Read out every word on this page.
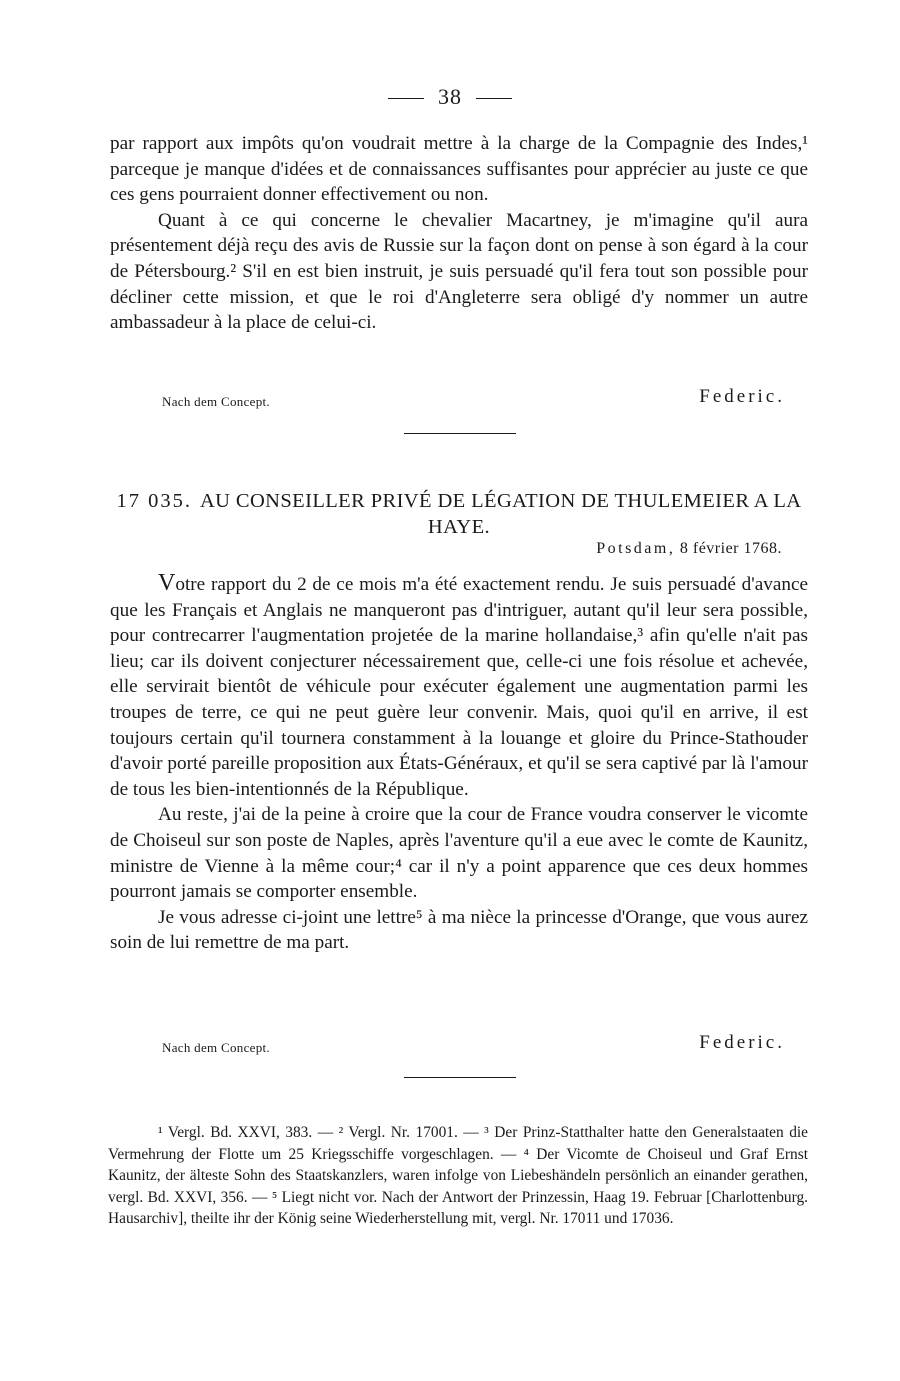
38

par rapport aux impôts qu'on voudrait mettre à la charge de la Compagnie des Indes,¹ parceque je manque d'idées et de connaissances suffisantes pour apprécier au juste ce que ces gens pourraient donner effectivement ou non.

Quant à ce qui concerne le chevalier Macartney, je m'imagine qu'il aura présentement déjà reçu des avis de Russie sur la façon dont on pense à son égard à la cour de Pétersbourg.² S'il en est bien instruit, je suis persuadé qu'il fera tout son possible pour décliner cette mission, et que le roi d'Angleterre sera obligé d'y nommer un autre ambassadeur à la place de celui-ci.

Nach dem Concept.	Federic.
17 035. AU CONSEILLER PRIVÉ DE LÉGATION DE THULEMEIER A LA HAYE.
Potsdam, 8 février 1768.

Votre rapport du 2 de ce mois m'a été exactement rendu. Je suis persuadé d'avance que les Français et Anglais ne manqueront pas d'intriguer, autant qu'il leur sera possible, pour contrecarrer l'augmentation projetée de la marine hollandaise,³ afin qu'elle n'ait pas lieu; car ils doivent conjecturer nécessairement que, celle-ci une fois résolue et achevée, elle servirait bientôt de véhicule pour exécuter également une augmentation parmi les troupes de terre, ce qui ne peut guère leur convenir. Mais, quoi qu'il en arrive, il est toujours certain qu'il tournera constamment à la louange et gloire du Prince-Stathouder d'avoir porté pareille proposition aux États-Généraux, et qu'il se sera captivé par là l'amour de tous les bien-intentionnés de la République.

Au reste, j'ai de la peine à croire que la cour de France voudra conserver le vicomte de Choiseul sur son poste de Naples, après l'aventure qu'il a eue avec le comte de Kaunitz, ministre de Vienne à la même cour;⁴ car il n'y a point apparence que ces deux hommes pourront jamais se comporter ensemble.

Je vous adresse ci-joint une lettre⁵ à ma nièce la princesse d'Orange, que vous aurez soin de lui remettre de ma part.

Nach dem Concept.	Federic.

¹ Vergl. Bd. XXVI, 383. — ² Vergl. Nr. 17001. — ³ Der Prinz-Statthalter hatte den Generalstaaten die Vermehrung der Flotte um 25 Kriegsschiffe vorgeschlagen. — ⁴ Der Vicomte de Choiseul und Graf Ernst Kaunitz, der älteste Sohn des Staatskanzlers, waren infolge von Liebeshändeln persönlich an einander gerathen, vergl. Bd. XXVI, 356. — ⁵ Liegt nicht vor. Nach der Antwort der Prinzessin, Haag 19. Februar [Charlottenburg. Hausarchiv], theilte ihr der König seine Wiederherstellung mit, vergl. Nr. 17011 und 17036.
